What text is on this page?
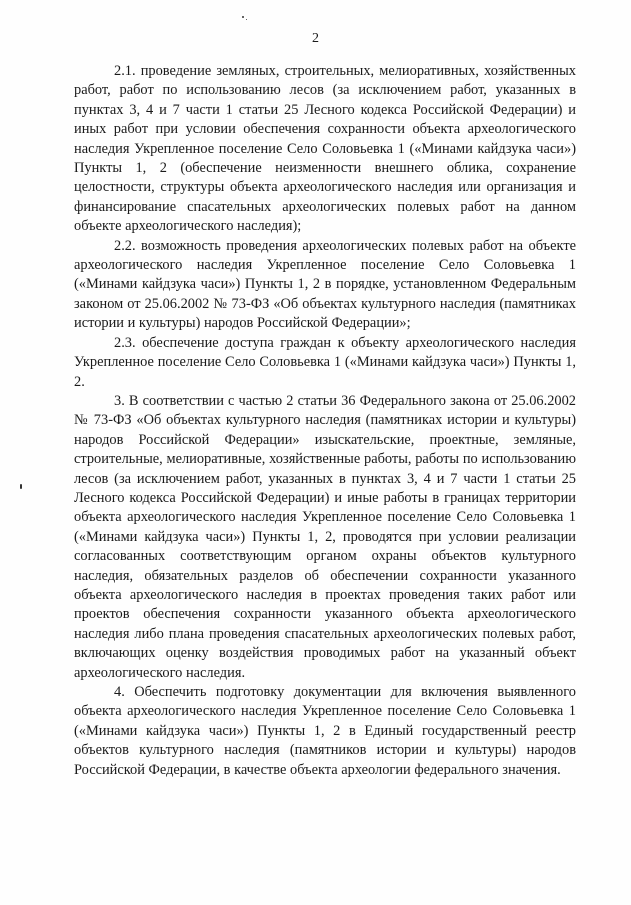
2

2.1. проведение земляных, строительных, мелиоративных, хозяйственных работ, работ по использованию лесов (за исключением работ, указанных в пунктах 3, 4 и 7 части 1 статьи 25 Лесного кодекса Российской Федерации) и иных работ при условии обеспечения сохранности объекта археологического наследия Укрепленное поселение Село Соловьевка 1 («Минами кайдзука часи») Пункты 1, 2 (обеспечение неизменности внешнего облика, сохранение целостности, структуры объекта археологического наследия или организация и финансирование спасательных археологических полевых работ на данном объекте археологического наследия);

2.2. возможность проведения археологических полевых работ на объекте археологического наследия Укрепленное поселение Село Соловьевка 1 («Минами кайдзука часи») Пункты 1, 2 в порядке, установленном Федеральным законом от 25.06.2002 № 73-ФЗ «Об объектах культурного наследия (памятниках истории и культуры) народов Российской Федерации»;

2.3. обеспечение доступа граждан к объекту археологического наследия Укрепленное поселение Село Соловьевка 1 («Минами кайдзука часи») Пункты 1, 2.

3. В соответствии с частью 2 статьи 36 Федерального закона от 25.06.2002 № 73-ФЗ «Об объектах культурного наследия (памятниках истории и культуры) народов Российской Федерации» изыскательские, проектные, земляные, строительные, мелиоративные, хозяйственные работы, работы по использованию лесов (за исключением работ, указанных в пунктах 3, 4 и 7 части 1 статьи 25 Лесного кодекса Российской Федерации) и иные работы в границах территории объекта археологического наследия Укрепленное поселение Село Соловьевка 1 («Минами кайдзука часи») Пункты 1, 2, проводятся при условии реализации согласованных соответствующим органом охраны объектов культурного наследия, обязательных разделов об обеспечении сохранности указанного объекта археологического наследия в проектах проведения таких работ или проектов обеспечения сохранности указанного объекта археологического наследия либо плана проведения спасательных археологических полевых работ, включающих оценку воздействия проводимых работ на указанный объект археологического наследия.

4. Обеспечить подготовку документации для включения выявленного объекта археологического наследия Укрепленное поселение Село Соловьевка 1 («Минами кайдзука часи») Пункты 1, 2 в Единый государственный реестр объектов культурного наследия (памятников истории и культуры) народов Российской Федерации, в качестве объекта археологии федерального значения.
